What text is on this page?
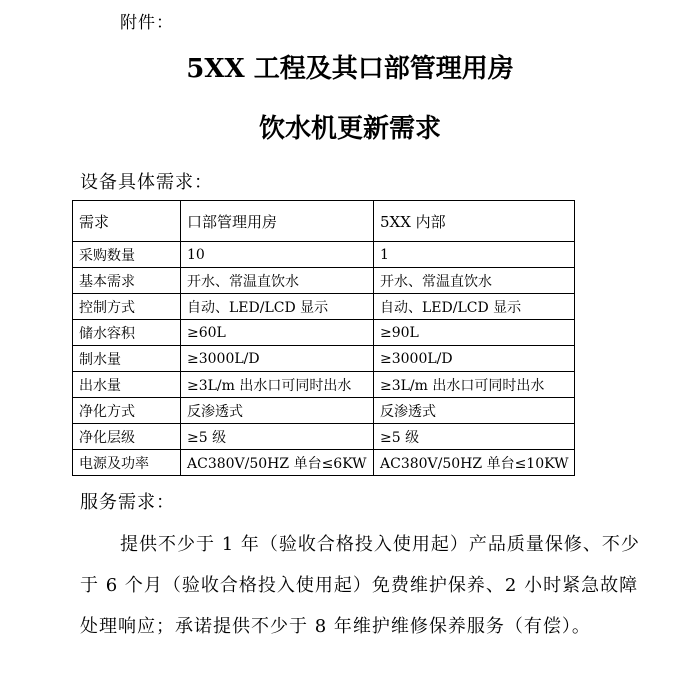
附件：
5XX 工程及其口部管理用房
饮水机更新需求
设备具体需求：
需求	口部管理用房	5XX 内部
采购数量	10	1
基本需求	开水、常温直饮水	开水、常温直饮水
控制方式	自动、LED/LCD 显示	自动、LED/LCD 显示
储水容积	≥60L	≥90L
制水量	≥3000L/D	≥3000L/D
出水量	≥3L/m 出水口可同时出水	≥3L/m 出水口可同时出水
净化方式	反渗透式	反渗透式
净化层级	≥5 级	≥5 级
电源及功率	AC380V/50HZ 单台≤6KW	AC380V/50HZ 单台≤10KW
服务需求：

提供不少于 1 年（验收合格投入使用起）产品质量保修、不少于 6 个月（验收合格投入使用起）免费维护保养、2 小时紧急故障处理响应；承诺提供不少于 8 年维护维修保养服务（有偿）。
